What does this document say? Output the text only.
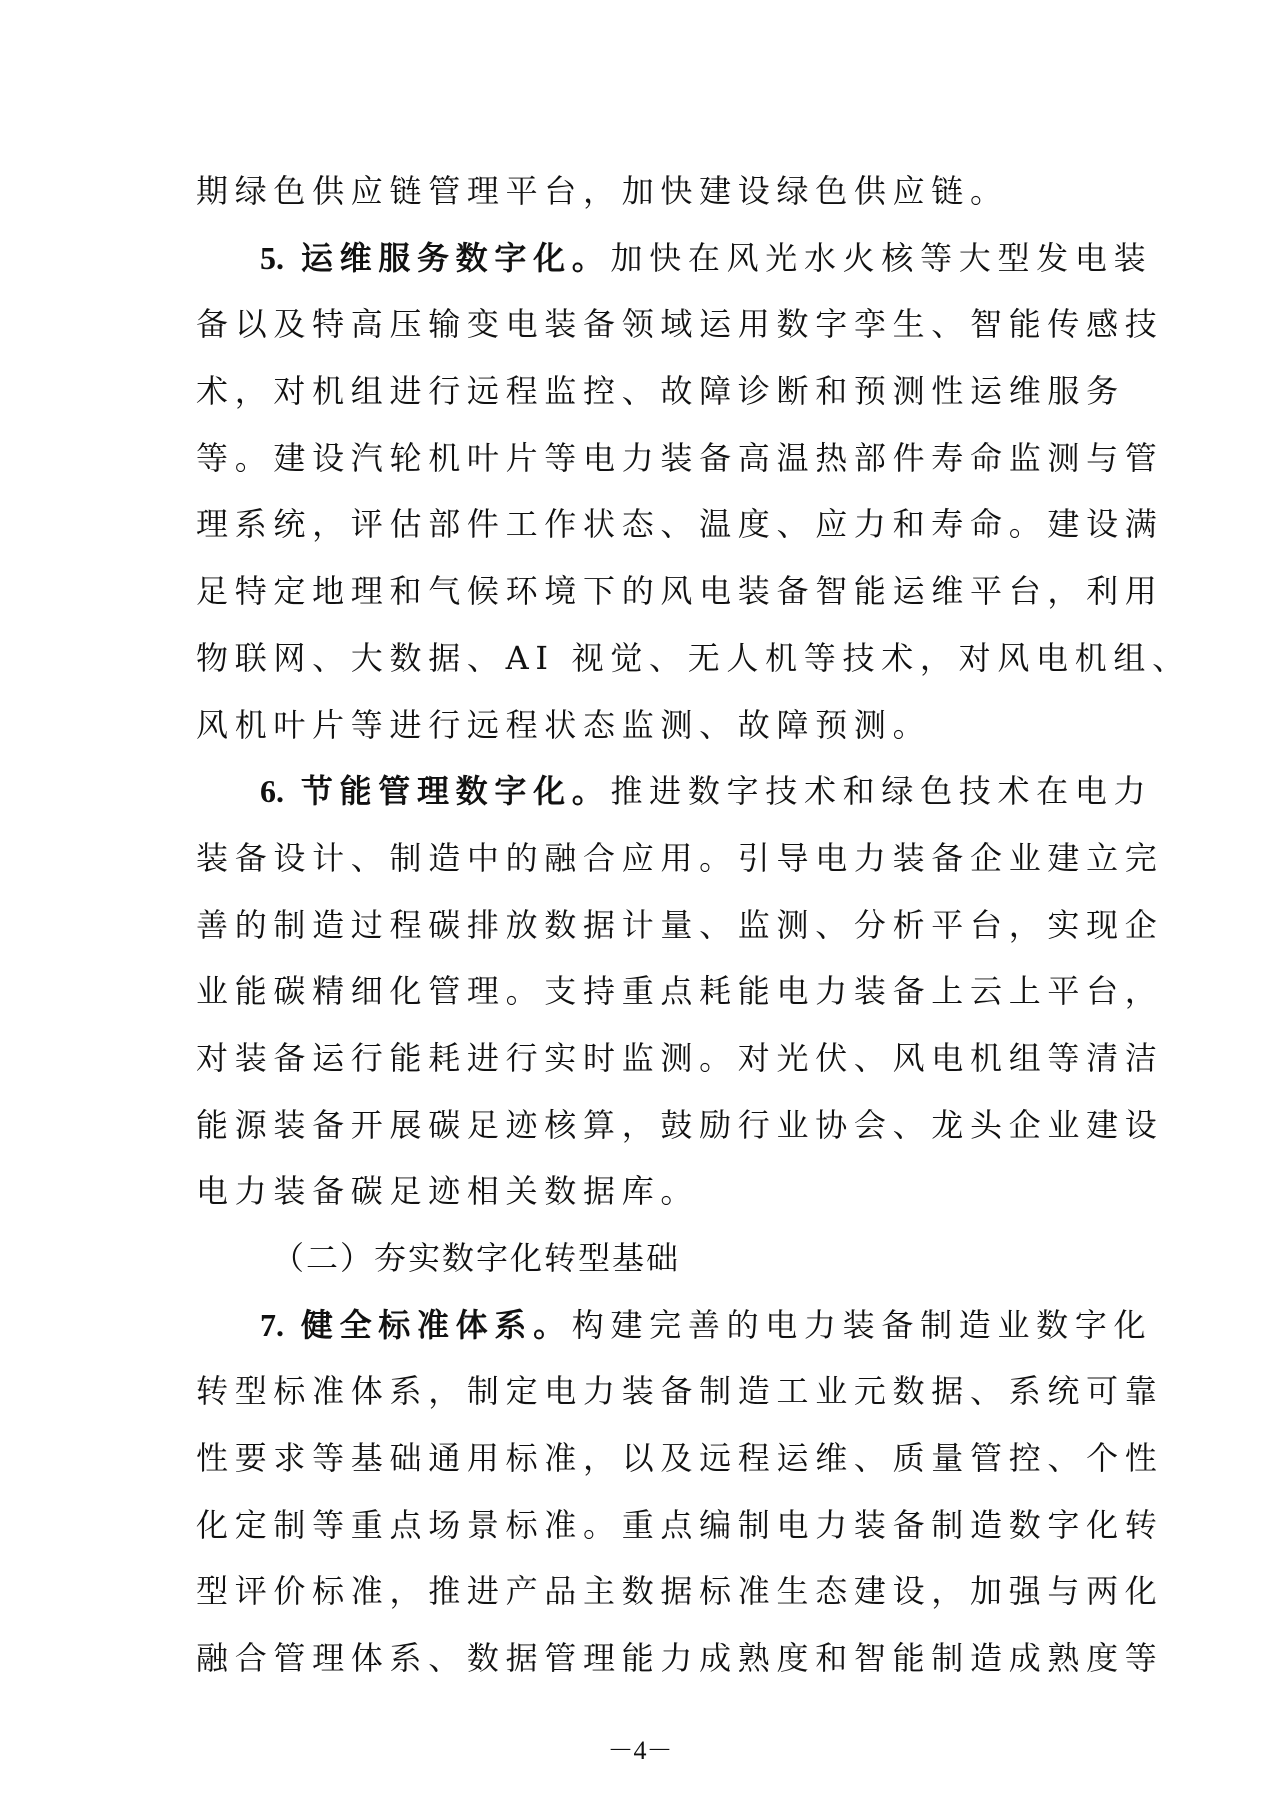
期绿色供应链管理平台，加快建设绿色供应链。
5. 运维服务数字化。加快在风光水火核等大型发电装
备以及特高压输变电装备领域运用数字孪生、智能传感技
术，对机组进行远程监控、故障诊断和预测性运维服务
等。建设汽轮机叶片等电力装备高温热部件寿命监测与管
理系统，评估部件工作状态、温度、应力和寿命。建设满
足特定地理和气候环境下的风电装备智能运维平台，利用
物联网、大数据、AI 视觉、无人机等技术，对风电机组、
风机叶片等进行远程状态监测、故障预测。
6. 节能管理数字化。推进数字技术和绿色技术在电力
装备设计、制造中的融合应用。引导电力装备企业建立完
善的制造过程碳排放数据计量、监测、分析平台，实现企
业能碳精细化管理。支持重点耗能电力装备上云上平台，
对装备运行能耗进行实时监测。对光伏、风电机组等清洁
能源装备开展碳足迹核算，鼓励行业协会、龙头企业建设
电力装备碳足迹相关数据库。
（二）夯实数字化转型基础
7. 健全标准体系。构建完善的电力装备制造业数字化
转型标准体系，制定电力装备制造工业元数据、系统可靠
性要求等基础通用标准，以及远程运维、质量管控、个性
化定制等重点场景标准。重点编制电力装备制造数字化转
型评价标准，推进产品主数据标准生态建设，加强与两化
融合管理体系、数据管理能力成熟度和智能制造成熟度等
－4－
